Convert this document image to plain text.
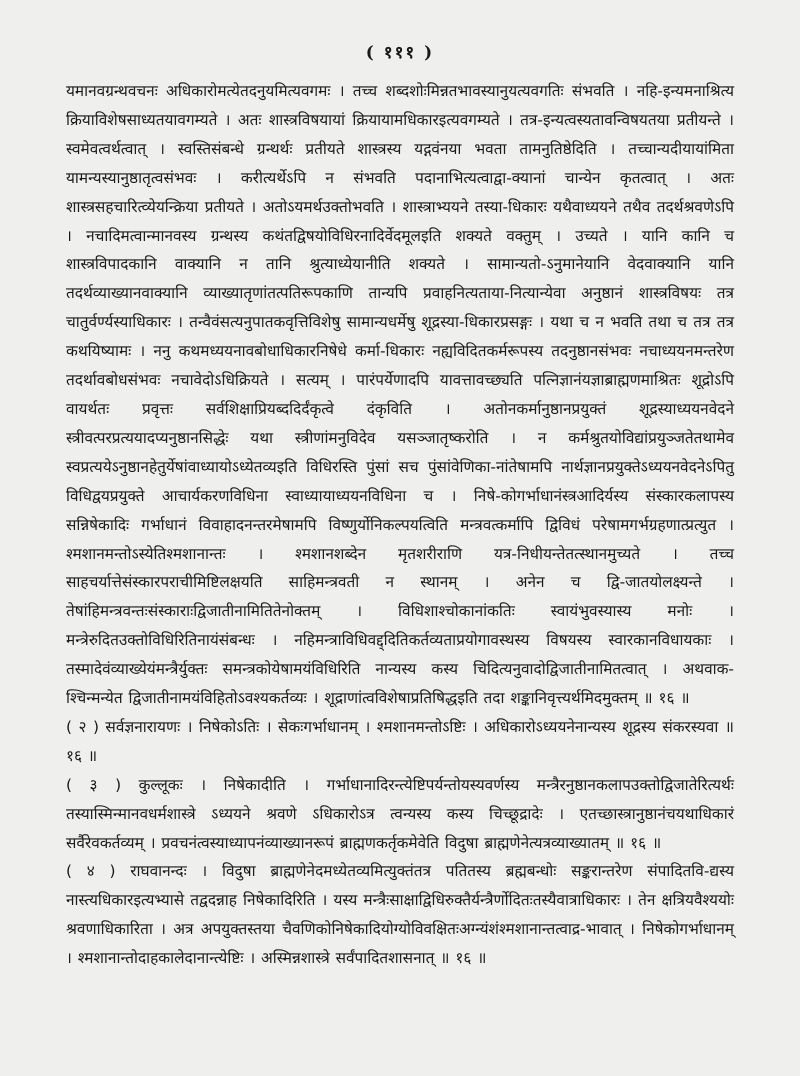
( १११ )

यमानवग्रन्थवचनः अधिकारोमत्येतदनुयमित्यवगमः । तच्च शब्दशोःमिन्नतभावस्यानुयत्यवगतिः संभवति । नहि-इन्यमनाश्रित्य क्रियाविशेषसाध्यतयावगम्यते । अतः शास्त्रविषयायां क्रियायामधिकारइत्यवगम्यते । तत्र-इन्यत्वस्यतावन्विषयतया प्रतीयन्ते । स्वमेवत्वर्थत्वात् । स्वस्तिसंबन्धे ग्रन्थर्थः प्रतीयते शास्त्रस्य यद्गवंनया भवता तामनुतिष्ठेदिति । तच्चान्यदीयायांमिता यामन्यस्यानुष्ठातृत्वसंभवः । करीत्यर्थेऽपि न संभवति पदानाभित्यत्वाद्वा-क्यानां चान्येन कृतत्वात् । अतः शास्त्रसहचारित्व्येयन्क्रिया प्रतीयते । अतोऽयमर्थउक्तोभवति । शास्त्राभ्ययने तस्या-धिकारः यथैवाध्ययने तथैव तदर्थश्रवणेऽपि । नचादिमत्वान्मानवस्य ग्रन्थस्य कथंतद्विषयोविधिरनादिर्वेदमूलइति शक्यते वक्तुम् । उच्यते । यानि कानि च शास्त्रविपादकानि वाक्यानि न तानि श्रुत्याध्येयानीति शक्यते । सामान्यतो-ऽनुमानेयानि वेदवाक्यानि यानि तदर्थव्याख्यानवाक्यानि व्याख्यातृणांतत्पतिरूपकाणि तान्यपि प्रवाहनित्यताया-नित्यान्येवा अनुष्ठानं शास्त्रविषयः तत्र चातुर्वर्ण्यस्याधिकारः । तन्वैवंसत्यनुपातकवृत्तिविशेषु सामान्यधर्मेषु शूद्रस्या-धिकारप्रसङ्गः । यथा च न भवति तथा च तत्र तत्र कथयिष्यामः । ननु कथमध्ययनावबोधाधिकारनिषेधे कर्मा-धिकारः नह्यविदितकर्मरूपस्य तदनुष्ठानसंभवः नचाध्ययनमन्तरेण तदर्थावबोधसंभवः नचावेदोऽधिक्रियते । सत्यम् । पारंपर्येणादपि यावत्तावच्छ्यति पत्निज्ञानंयज्ञाब्राह्मणमाश्रितः शूद्रोऽपि वायर्थतः प्रवृत्तः सर्वशिक्षाप्रियब्ददिर्दंकृत्वे दंकृविति । अतोनकर्मानुष्ठानप्रयुक्तं शूद्रस्याध्ययनवेदने स्त्रीवत्परप्रत्ययादप्यनुष्ठानसिद्धेः यथा स्त्रीणांमनुविदेव यसञ्जातृष्करोति । न कर्मश्रुतयोविद्यांप्रयुञ्जतेतथामेव स्वप्रत्ययेऽनुष्ठानहेतुर्येषांवाध्यायोऽध्येतव्यइति विधिरस्ति पुंसां सच पुंसांवेणिका-नांतेषामपि नार्थज्ञानप्रयुक्तेऽध्ययनवेदनेऽपितु विधिद्वयप्रयुक्ते आचार्यकरणविधिना स्वाध्यायाध्ययनविधिना च । निषे-कोगर्भाधानंस्त्रआदिर्यस्य संस्कारकलापस्य सन्निषेकादिः गर्भाधानं विवाहादनन्तरमेषामपि विष्णुर्योनिकल्पयत्विति मन्त्रवत्कर्मापि द्विविधं परेषामगर्भग्रहणात्प्रत्युत । श्मशानमन्तोऽस्येतिश्मशानान्तः । श्मशानशब्देन मृतशरीराणि यत्र-निधीयन्तेतत्स्थानमुच्यते । तच्च साहचर्यात्तेसंस्कारपराचीमिष्टिलक्षयति साहिमन्त्रवती न स्थानम् । अनेन च द्वि-जातयोलक्ष्यन्ते । तेषांहिमन्त्रवन्तःसंस्काराःद्विजातीनामितितेनोक्तम् । विधिशाश्चोकानांकतिः स्वायंभुवस्यास्य मनोः । मन्त्रेरुदितउक्तोविधिरितिनायंसंबन्धः । नहिमन्त्राविधिवद्द्दितिकर्तव्यताप्रयोगावस्थस्य विषयस्य स्वारकानविधायकाः । तस्मादेवंव्याख्येयंमन्त्रैर्युक्तः समन्त्रकोयेषामयंविधिरिति नान्यस्य कस्य चिदित्यनुवादोद्विजातीनामितत्वात् । अथवाक-श्चिन्मन्येत द्विजातीनामयंविहितोऽवश्यकर्तव्यः । शूद्राणांत्वविशेषाप्रतिषिद्धइति तदा शङ्कानिवृत्त्यर्थमिदमुक्तम् ॥ १६ ॥

( २ ) सर्वज्ञनारायणः । निषेकोऽतिः । सेकःगर्भाधानम् । श्मशानमन्तोऽष्टिः । अधिकारोऽध्ययनेनान्यस्य शूद्रस्य संकरस्यवा ॥ १६ ॥

( ३ ) कुल्लूकः । निषेकादीति । गर्भाधानादिरन्त्येष्टिपर्यन्तोयस्यवर्णस्य मन्त्रैरनुष्ठानकलापउक्तोद्विजातेरित्यर्थः तस्यास्मिन्मानवधर्मशास्त्रे ऽध्ययने श्रवणे ऽधिकारोऽत्र त्वन्यस्य कस्य चिच्छूद्रादेः । एतच्छास्त्रानुष्ठानंचयथाधिकारं सर्वैरेवकर्तव्यम् । प्रवचनंत्वस्याध्यापनंव्याख्यानरूपं ब्राह्मणकर्तृकमेवेति विदुषा ब्राह्मणेनेत्यत्रव्याख्यातम् ॥ १६ ॥

( ४ ) राघवानन्दः । विदुषा ब्राह्मणेनेदमध्येतव्यमित्युक्तंतत्र पतितस्य ब्रह्मबन्धोः सङ्करान्तरेण संपादितवि-द्यस्य नास्त्यधिकारइत्यभ्यासे तद्वदन्नाह निषेकादिरिति । यस्य मन्त्रैःसाक्षाद्विधिरुक्तैर्यन्त्रैर्णोदितःतस्यैवात्राधिकारः । तेन क्षत्रियवैश्ययोः श्रवणाधिकारिता । अत्र अपयुक्तस्तया चैवणिकोनिषेकादियोग्योविवक्षितःअग्न्यंशंश्मशानान्तत्वाद्र-भावात् । निषेकोगर्भाधानम् । श्मशानान्तोदाहकालेदानान्त्येष्टिः । अस्मिन्नशास्त्रे सर्वंपादितशासनात् ॥ १६ ॥
